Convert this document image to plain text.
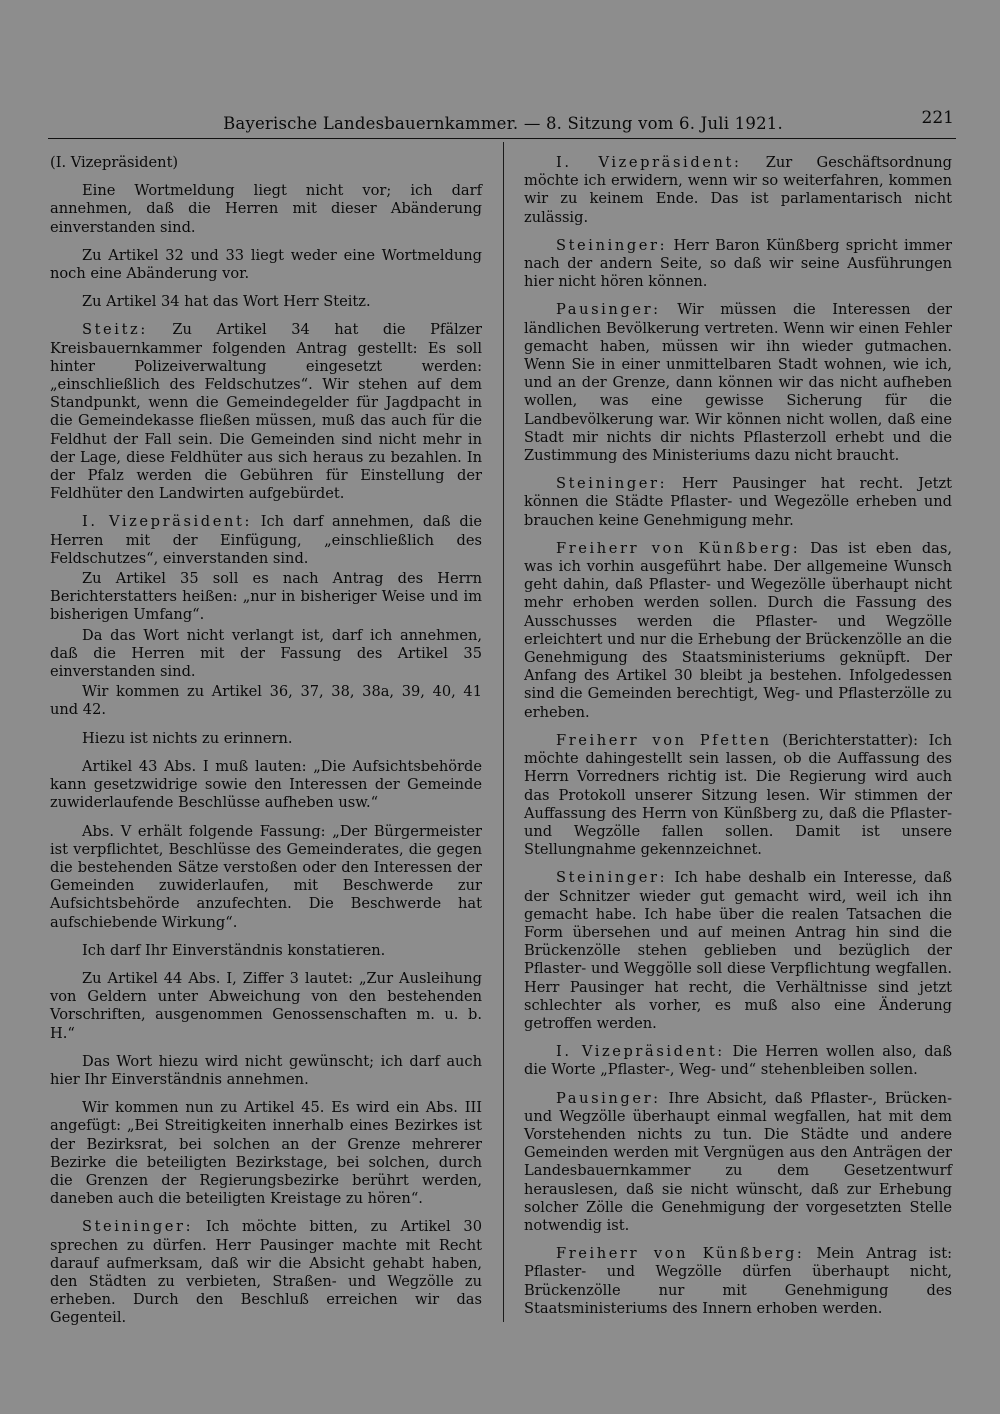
Bayerische Landesbauernkammer. — 8. Sitzung vom 6. Juli 1921.	221

(I. Vizepräsident)

Eine Wortmeldung liegt nicht vor; ich darf annehmen, daß die Herren mit dieser Abänderung einverstanden sind.

Zu Artikel 32 und 33 liegt weder eine Wortmeldung noch eine Abänderung vor.

Zu Artikel 34 hat das Wort Herr Steitz.

Steitz: Zu Artikel 34 hat die Pfälzer Kreisbauernkammer folgenden Antrag gestellt: Es soll hinter Polizeiverwaltung eingesetzt werden: „einschließlich des Feldschutzes“. Wir stehen auf dem Standpunkt, wenn die Gemeindegelder für Jagdpacht in die Gemeindekasse fließen müssen, muß das auch für die Feldhut der Fall sein. Die Gemeinden sind nicht mehr in der Lage, diese Feldhüter aus sich heraus zu bezahlen. In der Pfalz werden die Gebühren für Einstellung der Feldhüter den Landwirten aufgebürdet.

I. Vizepräsident: Ich darf annehmen, daß die Herren mit der Einfügung, „einschließlich des Feldschutzes“, einverstanden sind.

Zu Artikel 35 soll es nach Antrag des Herrn Berichterstatters heißen: „nur in bisheriger Weise und im bisherigen Umfang“.

Da das Wort nicht verlangt ist, darf ich annehmen, daß die Herren mit der Fassung des Artikel 35 einverstanden sind.

Wir kommen zu Artikel 36, 37, 38, 38a, 39, 40, 41 und 42.

Hiezu ist nichts zu erinnern.

Artikel 43 Abs. I muß lauten: „Die Aufsichtsbehörde kann gesetzwidrige sowie den Interessen der Gemeinde zuwiderlaufende Beschlüsse aufheben usw.“

Abs. V erhält folgende Fassung: „Der Bürgermeister ist verpflichtet, Beschlüsse des Gemeinderates, die gegen die bestehenden Sätze verstoßen oder den Interessen der Gemeinden zuwiderlaufen, mit Beschwerde zur Aufsichtsbehörde anzufechten. Die Beschwerde hat aufschiebende Wirkung“.

Ich darf Ihr Einverständnis konstatieren.

Zu Artikel 44 Abs. I, Ziffer 3 lautet: „Zur Ausleihung von Geldern unter Abweichung von den bestehenden Vorschriften, ausgenommen Genossenschaften m. u. b. H.“

Das Wort hiezu wird nicht gewünscht; ich darf auch hier Ihr Einverständnis annehmen.

Wir kommen nun zu Artikel 45. Es wird ein Abs. III angefügt: „Bei Streitigkeiten innerhalb eines Bezirkes ist der Bezirksrat, bei solchen an der Grenze mehrerer Bezirke die beteiligten Bezirkstage, bei solchen, durch die Grenzen der Regierungsbezirke berührt werden, daneben auch die beteiligten Kreistage zu hören“.

Steininger: Ich möchte bitten, zu Artikel 30 sprechen zu dürfen. Herr Pausinger machte mit Recht darauf aufmerksam, daß wir die Absicht gehabt haben, den Städten zu verbieten, Straßen- und Wegzölle zu erheben. Durch den Beschluß erreichen wir das Gegenteil.

I. Vizepräsident: Zur Geschäftsordnung möchte ich erwidern, wenn wir so weiterfahren, kommen wir zu keinem Ende. Das ist parlamentarisch nicht zulässig.

Steininger: Herr Baron Künßberg spricht immer nach der andern Seite, so daß wir seine Ausführungen hier nicht hören können.

Pausinger: Wir müssen die Interessen der ländlichen Bevölkerung vertreten. Wenn wir einen Fehler gemacht haben, müssen wir ihn wieder gutmachen. Wenn Sie in einer unmittelbaren Stadt wohnen, wie ich, und an der Grenze, dann können wir das nicht aufheben wollen, was eine gewisse Sicherung für die Landbevölkerung war. Wir können nicht wollen, daß eine Stadt mir nichts dir nichts Pflasterzoll erhebt und die Zustimmung des Ministeriums dazu nicht braucht.

Steininger: Herr Pausinger hat recht. Jetzt können die Städte Pflaster- und Wegezölle erheben und brauchen keine Genehmigung mehr.

Freiherr von Künßberg: Das ist eben das, was ich vorhin ausgeführt habe. Der allgemeine Wunsch geht dahin, daß Pflaster- und Wegezölle überhaupt nicht mehr erhoben werden sollen. Durch die Fassung des Ausschusses werden die Pflaster- und Wegzölle erleichtert und nur die Erhebung der Brückenzölle an die Genehmigung des Staatsministeriums geknüpft. Der Anfang des Artikel 30 bleibt ja bestehen. Infolgedessen sind die Gemeinden berechtigt, Weg- und Pflasterzölle zu erheben.

Freiherr von Pfetten (Berichterstatter): Ich möchte dahingestellt sein lassen, ob die Auffassung des Herrn Vorredners richtig ist. Die Regierung wird auch das Protokoll unserer Sitzung lesen. Wir stimmen der Auffassung des Herrn von Künßberg zu, daß die Pflaster- und Wegzölle fallen sollen. Damit ist unsere Stellungnahme gekennzeichnet.

Steininger: Ich habe deshalb ein Interesse, daß der Schnitzer wieder gut gemacht wird, weil ich ihn gemacht habe. Ich habe über die realen Tatsachen die Form übersehen und auf meinen Antrag hin sind die Brückenzölle stehen geblieben und bezüglich der Pflaster- und Weggölle soll diese Verpflichtung wegfallen. Herr Pausinger hat recht, die Verhältnisse sind jetzt schlechter als vorher, es muß also eine Änderung getroffen werden.

I. Vizepräsident: Die Herren wollen also, daß die Worte „Pflaster-, Weg- und“ stehenbleiben sollen.

Pausinger: Ihre Absicht, daß Pflaster-, Brücken- und Wegzölle überhaupt einmal wegfallen, hat mit dem Vorstehenden nichts zu tun. Die Städte und andere Gemeinden werden mit Vergnügen aus den Anträgen der Landesbauernkammer zu dem Gesetzentwurf herauslesen, daß sie nicht wünscht, daß zur Erhebung solcher Zölle die Genehmigung der vorgesetzten Stelle notwendig ist.

Freiherr von Künßberg: Mein Antrag ist: Pflaster- und Wegzölle dürfen überhaupt nicht, Brückenzölle nur mit Genehmigung des Staatsministeriums des Innern erhoben werden.
